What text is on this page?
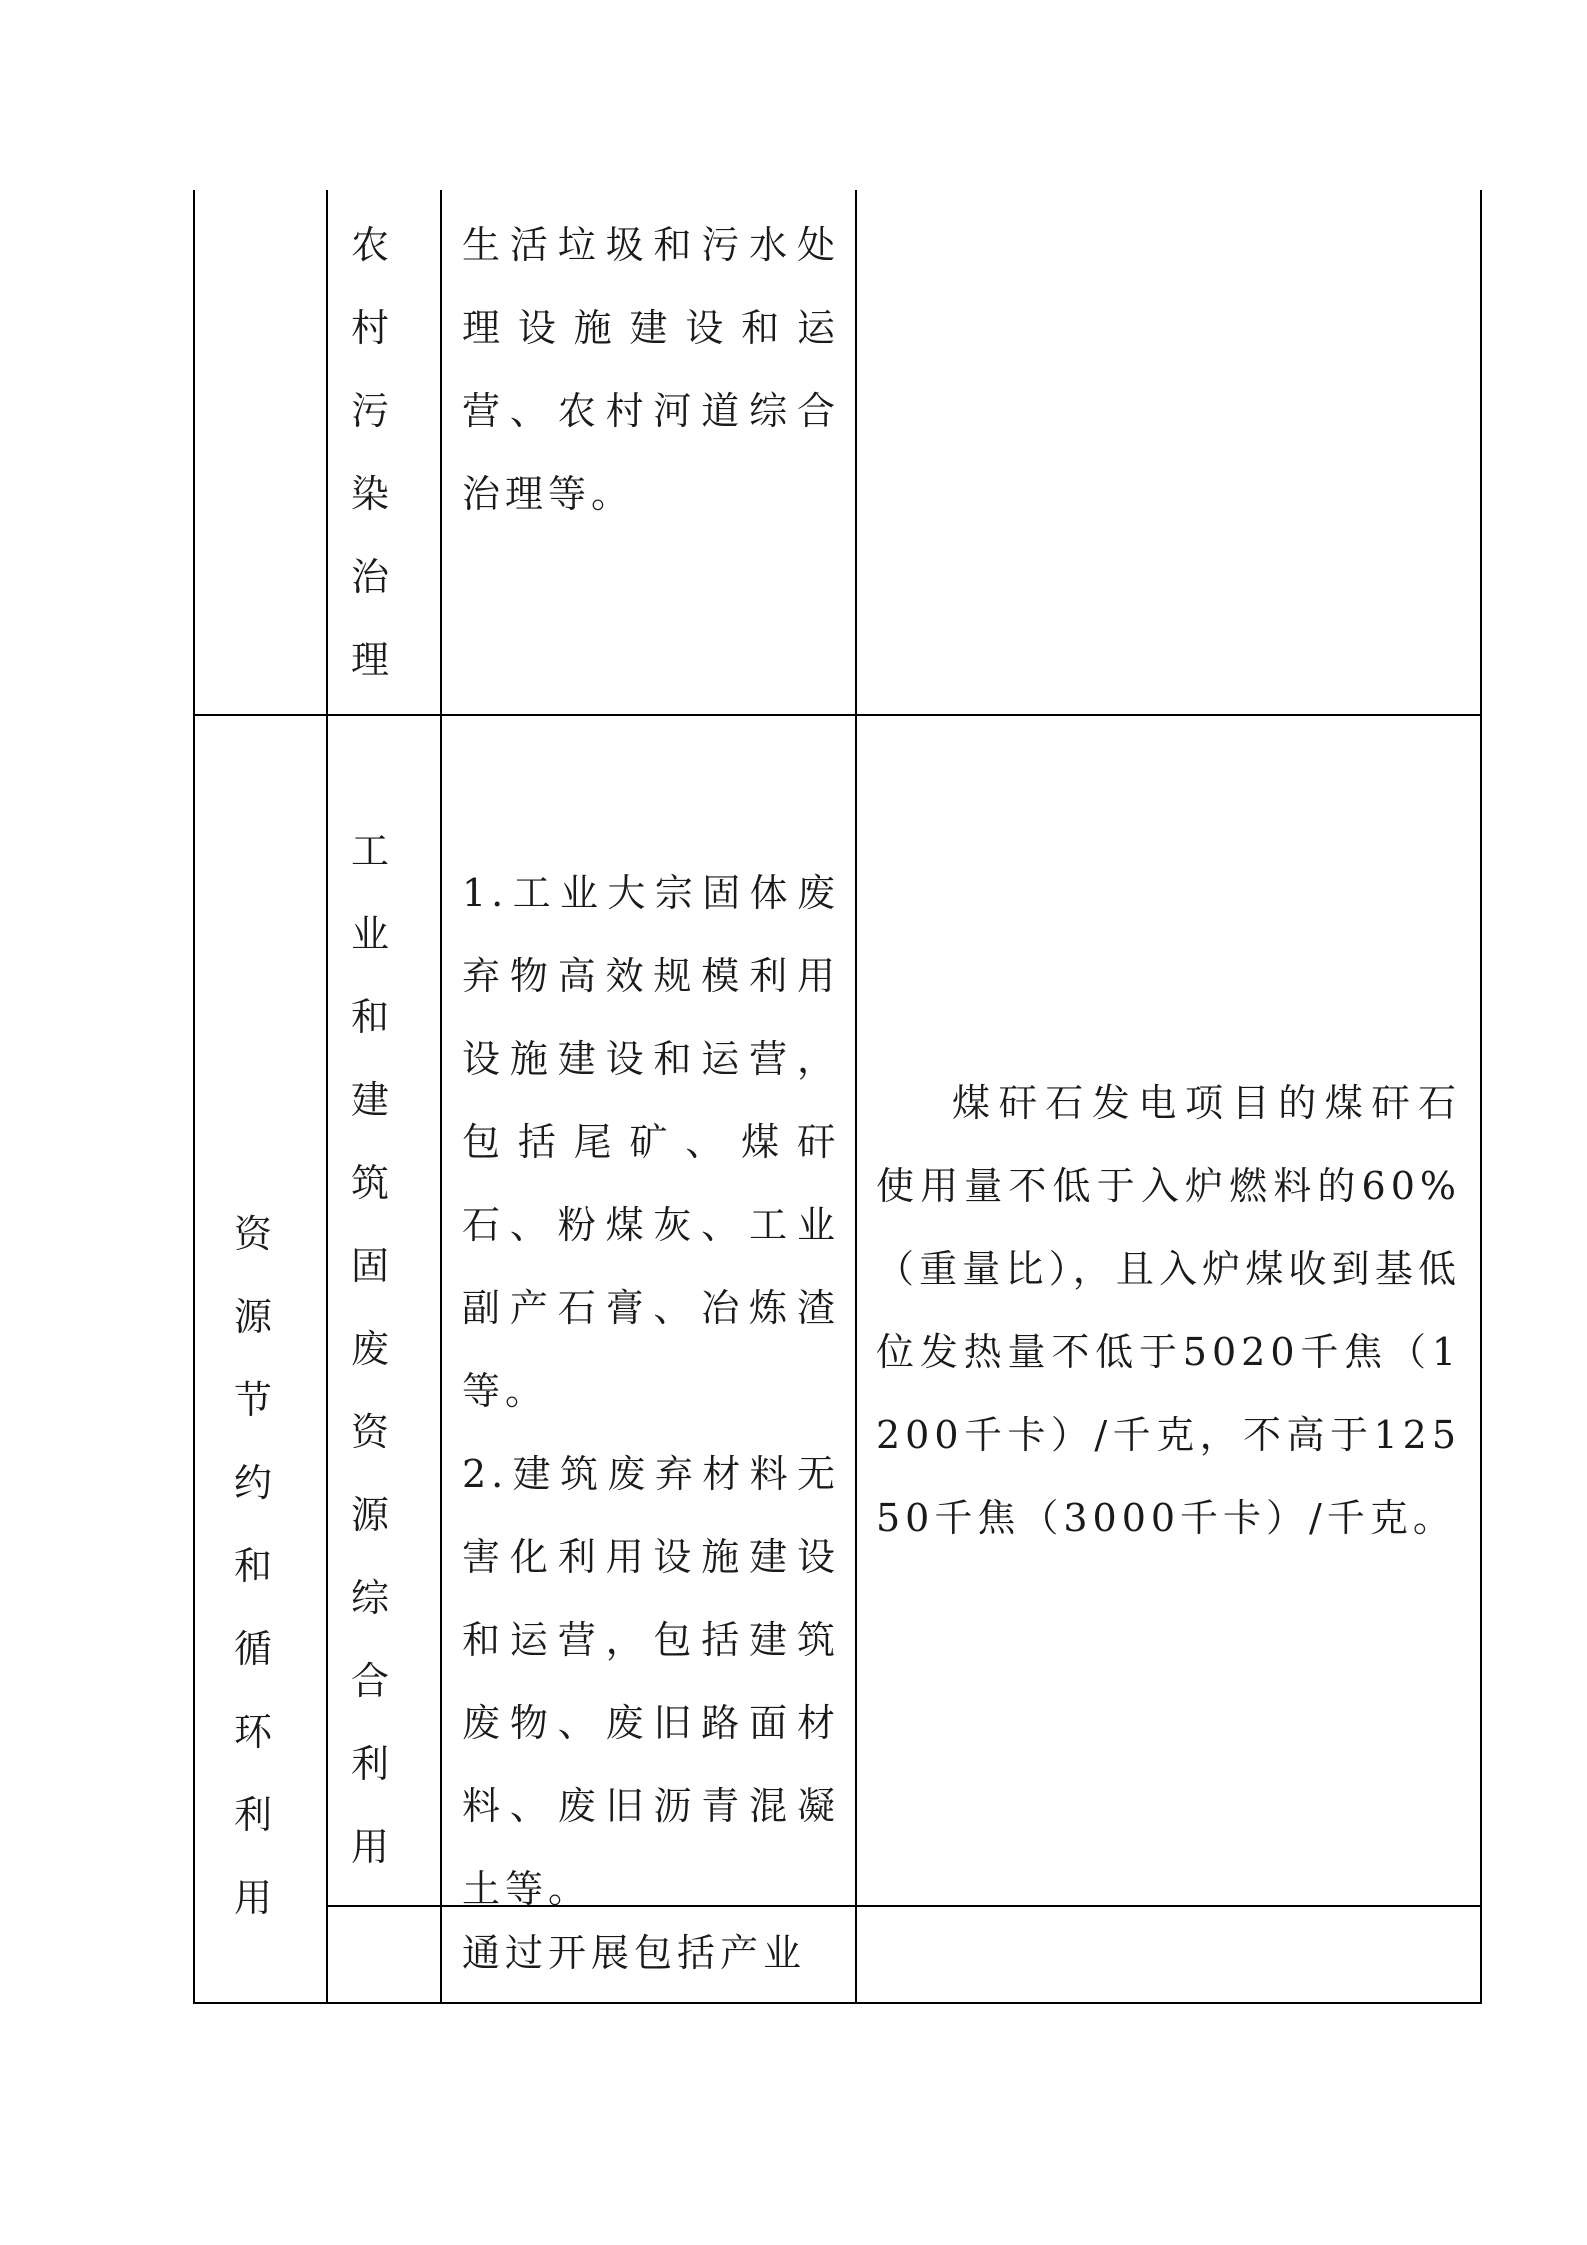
农村污染治理
生活垃圾和污水处理设施建设和运营、农村河道综合治理等。
资源节约和循环利用
工业和建筑固废资源综合利用
1.工业大宗固体废弃物高效规模利用设施建设和运营，包括尾矿、煤矸石、粉煤灰、工业副产石膏、冶炼渣等。
2.建筑废弃材料无害化利用设施建设和运营，包括建筑废物、废旧路面材料、废旧沥青混凝土等。
煤矸石发电项目的煤矸石使用量不低于入炉燃料的60%（重量比），且入炉煤收到基低位发热量不低于5020千焦（1200千卡）/千克，不高于12550千焦（3000千卡）/千克。
通过开展包括产业
